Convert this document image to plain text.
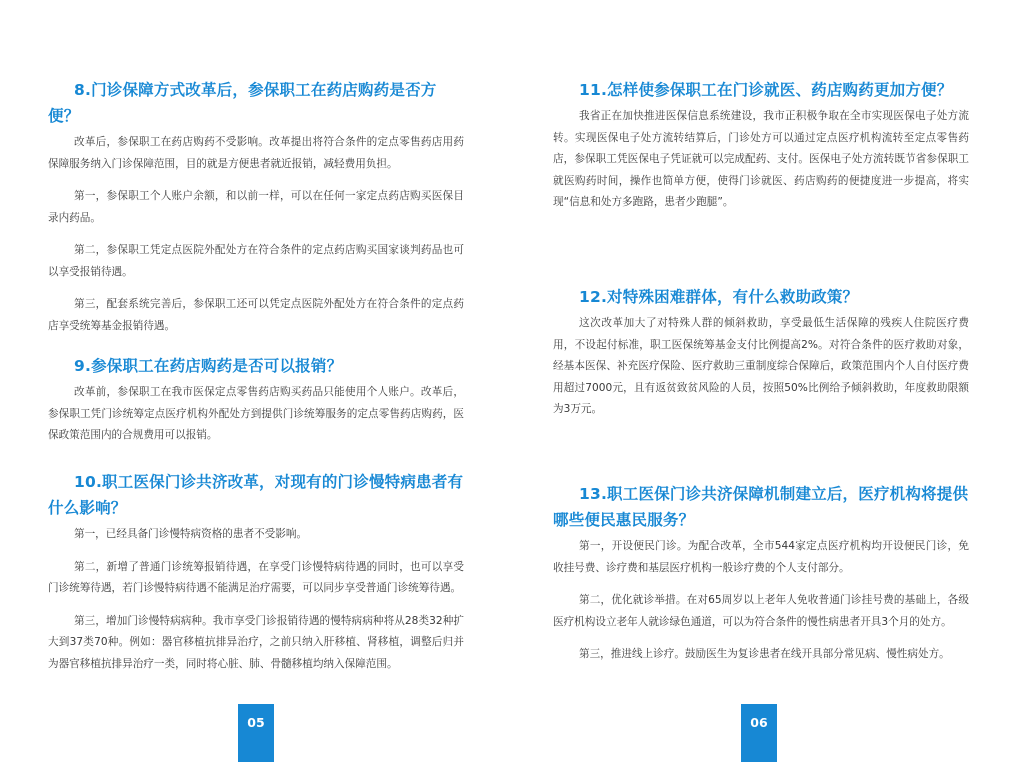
8.门诊保障方式改革后，参保职工在药店购药是否方便？

改革后，参保职工在药店购药不受影响。改革提出将符合条件的定点零售药店用药保障服务纳入门诊保障范围，目的就是方便患者就近报销，减轻费用负担。

第一，参保职工个人账户余额，和以前一样，可以在任何一家定点药店购买医保目录内药品。

第二，参保职工凭定点医院外配处方在符合条件的定点药店购买国家谈判药品也可以享受报销待遇。

第三，配套系统完善后，参保职工还可以凭定点医院外配处方在符合条件的定点药店享受统筹基金报销待遇。

9.参保职工在药店购药是否可以报销？

改革前，参保职工在我市医保定点零售药店购买药品只能使用个人账户。改革后，参保职工凭门诊统筹定点医疗机构外配处方到提供门诊统筹服务的定点零售药店购药，医保政策范围内的合规费用可以报销。

10.职工医保门诊共济改革，对现有的门诊慢特病患者有什么影响？

第一，已经具备门诊慢特病资格的患者不受影响。

第二，新增了普通门诊统筹报销待遇，在享受门诊慢特病待遇的同时，也可以享受门诊统筹待遇，若门诊慢特病待遇不能满足治疗需要，可以同步享受普通门诊统筹待遇。

第三，增加门诊慢特病病种。我市享受门诊报销待遇的慢特病病种将从28类32种扩大到37类70种。例如：器官移植抗排异治疗，之前只纳入肝移植、肾移植，调整后归并为器官移植抗排异治疗一类，同时将心脏、肺、骨髓移植均纳入保障范围。

05
11.怎样使参保职工在门诊就医、药店购药更加方便？

我省正在加快推进医保信息系统建设，我市正积极争取在全市实现医保电子处方流转。实现医保电子处方流转结算后，门诊处方可以通过定点医疗机构流转至定点零售药店，参保职工凭医保电子凭证就可以完成配药、支付。医保电子处方流转既节省参保职工就医购药时间，操作也简单方便，使得门诊就医、药店购药的便捷度进一步提高，将实现“信息和处方多跑路，患者少跑腿”。

12.对特殊困难群体，有什么救助政策？

这次改革加大了对特殊人群的倾斜救助，享受最低生活保障的残疾人住院医疗费用，不设起付标准，职工医保统筹基金支付比例提高2%。对符合条件的医疗救助对象，经基本医保、补充医疗保险、医疗救助三重制度综合保障后，政策范围内个人自付医疗费用超过7000元，且有返贫致贫风险的人员，按照50%比例给予倾斜救助，年度救助限额为3万元。

13.职工医保门诊共济保障机制建立后，医疗机构将提供哪些便民惠民服务？

第一，开设便民门诊。为配合改革，全市544家定点医疗机构均开设便民门诊，免收挂号费、诊疗费和基层医疗机构一般诊疗费的个人支付部分。

第二，优化就诊举措。在对65周岁以上老年人免收普通门诊挂号费的基础上，各级医疗机构设立老年人就诊绿色通道，可以为符合条件的慢性病患者开具3个月的处方。

第三，推进线上诊疗。鼓励医生为复诊患者在线开具部分常见病、慢性病处方。

06
